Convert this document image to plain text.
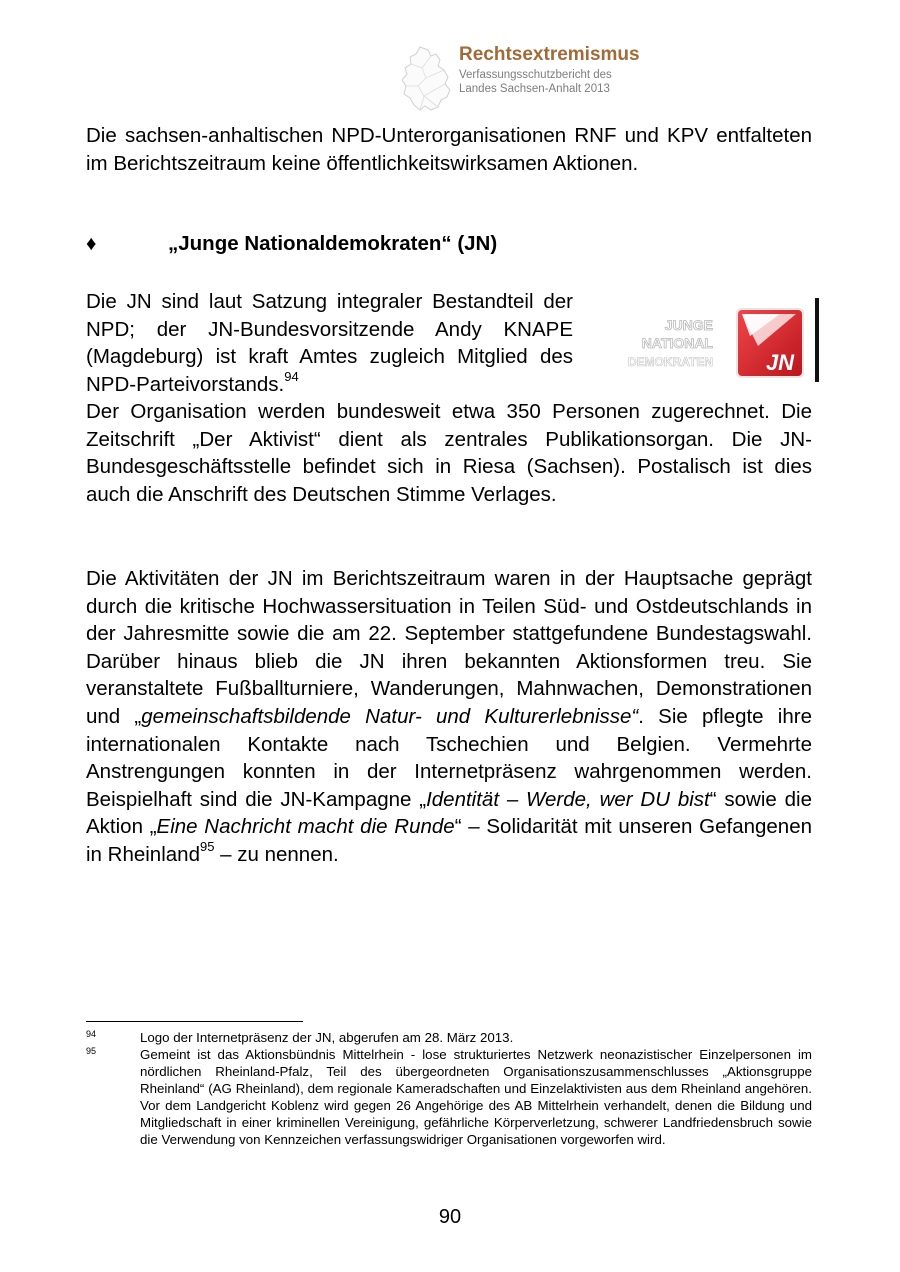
Rechtsextremismus
Verfassungsschutzbericht des
Landes Sachsen-Anhalt 2013
Die sachsen-anhaltischen NPD-Unterorganisationen RNF und KPV entfalteten im Berichtszeitraum keine öffentlichkeitswirksamen Aktionen.
♦	„Junge Nationaldemokraten“ (JN)
Die JN sind laut Satzung integraler Bestandteil der NPD; der JN-Bundesvorsitzende Andy KNAPE (Magdeburg) ist kraft Amtes zugleich Mitglied des NPD-Parteivorstands.$^{94}$
Der Organisation werden bundesweit etwa 350 Personen zugerechnet. Die Zeitschrift „Der Aktivist“ dient als zentrales Publikationsorgan. Die JN-Bundesgeschäftsstelle befindet sich in Riesa (Sachsen). Postalisch ist dies auch die Anschrift des Deutschen Stimme Verlages.
JUNGE
NATIONAL
DEMOKRATEN JN
Die Aktivitäten der JN im Berichtszeitraum waren in der Hauptsache geprägt durch die kritische Hochwassersituation in Teilen Süd- und Ostdeutschlands in der Jahresmitte sowie die am 22. September stattgefundene Bundestagswahl. Darüber hinaus blieb die JN ihren bekannten Aktionsformen treu. Sie veranstaltete Fußballturniere, Wanderungen, Mahnwachen, Demonstrationen und „gemeinschaftsbildende Natur- und Kulturerlebnisse“. Sie pflegte ihre internationalen Kontakte nach Tschechien und Belgien. Vermehrte Anstrengungen konnten in der Internetpräsenz wahrgenommen werden. Beispielhaft sind die JN-Kampagne „Identität – Werde, wer DU bist“ sowie die Aktion „Eine Nachricht macht die Runde“ – Solidarität mit unseren Gefangenen in Rheinland$^{95}$ – zu nennen.
94	Logo der Internetpräsenz der JN, abgerufen am 28. März 2013.
95	Gemeint ist das Aktionsbündnis Mittelrhein - lose strukturiertes Netzwerk neonazistischer Einzelpersonen im nördlichen Rheinland-Pfalz, Teil des übergeordneten Organisationszusammenschlusses „Aktionsgruppe Rheinland“ (AG Rheinland), dem regionale Kameradschaften und Einzelaktivisten aus dem Rheinland angehören. Vor dem Landgericht Koblenz wird gegen 26 Angehörige des AB Mittelrhein verhandelt, denen die Bildung und Mitgliedschaft in einer kriminellen Vereinigung, gefährliche Körperverletzung, schwerer Landfriedensbruch sowie die Verwendung von Kennzeichen verfassungswidriger Organisationen vorgeworfen wird.
90
